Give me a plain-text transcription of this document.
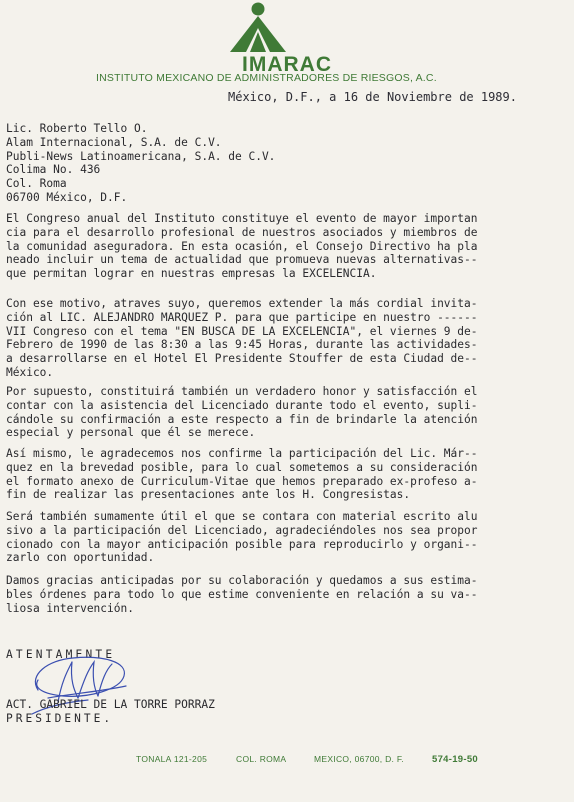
IMARAC
INSTITUTO MEXICANO DE ADMINISTRADORES DE RIESGOS, A.C.
México, D.F., a 16 de Noviembre de 1989.
Lic. Roberto Tello O.
Alam Internacional, S.A. de C.V.
Publi-News Latinoamericana, S.A. de C.V.
Colima No. 436
Col. Roma
06700 México, D.F.
El Congreso anual del Instituto constituye el evento de mayor importan
cia para el desarrollo profesional de nuestros asociados y miembros de
la comunidad aseguradora. En esta ocasión, el Consejo Directivo ha pla
neado incluir un tema de actualidad que promueva nuevas alternativas--
que permitan lograr en nuestras empresas la EXCELENCIA.
Con ese motivo, atraves suyo, queremos extender la más cordial invita-
ción al LIC. ALEJANDRO MARQUEZ P. para que participe en nuestro ------
VII Congreso con el tema "EN BUSCA DE LA EXCELENCIA", el viernes 9 de-
Febrero de 1990 de las 8:30 a las 9:45 Horas, durante las actividades-
a desarrollarse en el Hotel El Presidente Stouffer de esta Ciudad de--
México.
Por supuesto, constituirá también un verdadero honor y satisfacción el
contar con la asistencia del Licenciado durante todo el evento, supli-
cándole su confirmación a este respecto a fin de brindarle la atención
especial y personal que él se merece.
Así mismo, le agradecemos nos confirme la participación del Lic. Már--
quez en la brevedad posible, para lo cual sometemos a su consideración
el formato anexo de Curriculum-Vitae que hemos preparado ex-profeso a-
fin de realizar las presentaciones ante los H. Congresistas.
Será también sumamente útil el que se contara con material escrito alu
sivo a la participación del Licenciado, agradeciéndoles nos sea propor
cionado con la mayor anticipación posible para reproducirlo y organi--
zarlo con oportunidad.
Damos gracias anticipadas por su colaboración y quedamos a sus estima-
bles órdenes para todo lo que estime conveniente en relación a su va--
liosa intervención.
ATENTAMENTE
ACT. GABRIEL DE LA TORRE PORRAZ
PRESIDENTE.
TONALA 121-205	COL. ROMA	MEXICO, 06700, D. F.	574-19-50
